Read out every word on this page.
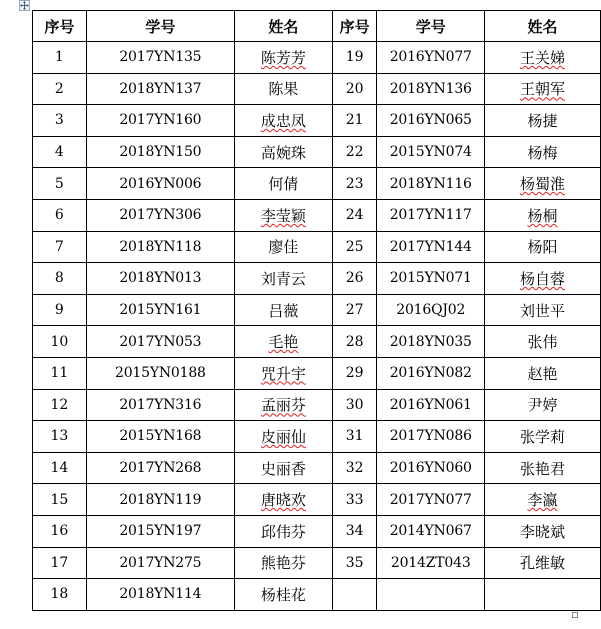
序号	学号	姓名	序号	学号	姓名
1	2017YN135	陈芳芳	19	2016YN077	王关娣
2	2018YN137	陈果	20	2018YN136	王朝军
3	2017YN160	成忠凤	21	2016YN065	杨捷
4	2018YN150	高婉珠	22	2015YN074	杨梅
5	2016YN006	何倩	23	2018YN116	杨蜀淮
6	2017YN306	李莹颖	24	2017YN117	杨桐
7	2018YN118	廖佳	25	2017YN144	杨阳
8	2018YN013	刘青云	26	2015YN071	杨自蓉
9	2015YN161	吕薇	27	2016QJ02	刘世平
10	2017YN053	毛艳	28	2018YN035	张伟
11	2015YN0188	咒升宇	29	2016YN082	赵艳
12	2017YN316	孟丽芬	30	2016YN061	尹婷
13	2015YN168	皮丽仙	31	2017YN086	张学莉
14	2017YN268	史丽香	32	2016YN060	张艳君
15	2018YN119	唐晓欢	33	2017YN077	李瀛
16	2015YN197	邱伟芬	34	2014YN067	李晓斌
17	2017YN275	熊艳芬	35	2014ZT043	孔维敏
18	2018YN114	杨桂花			
